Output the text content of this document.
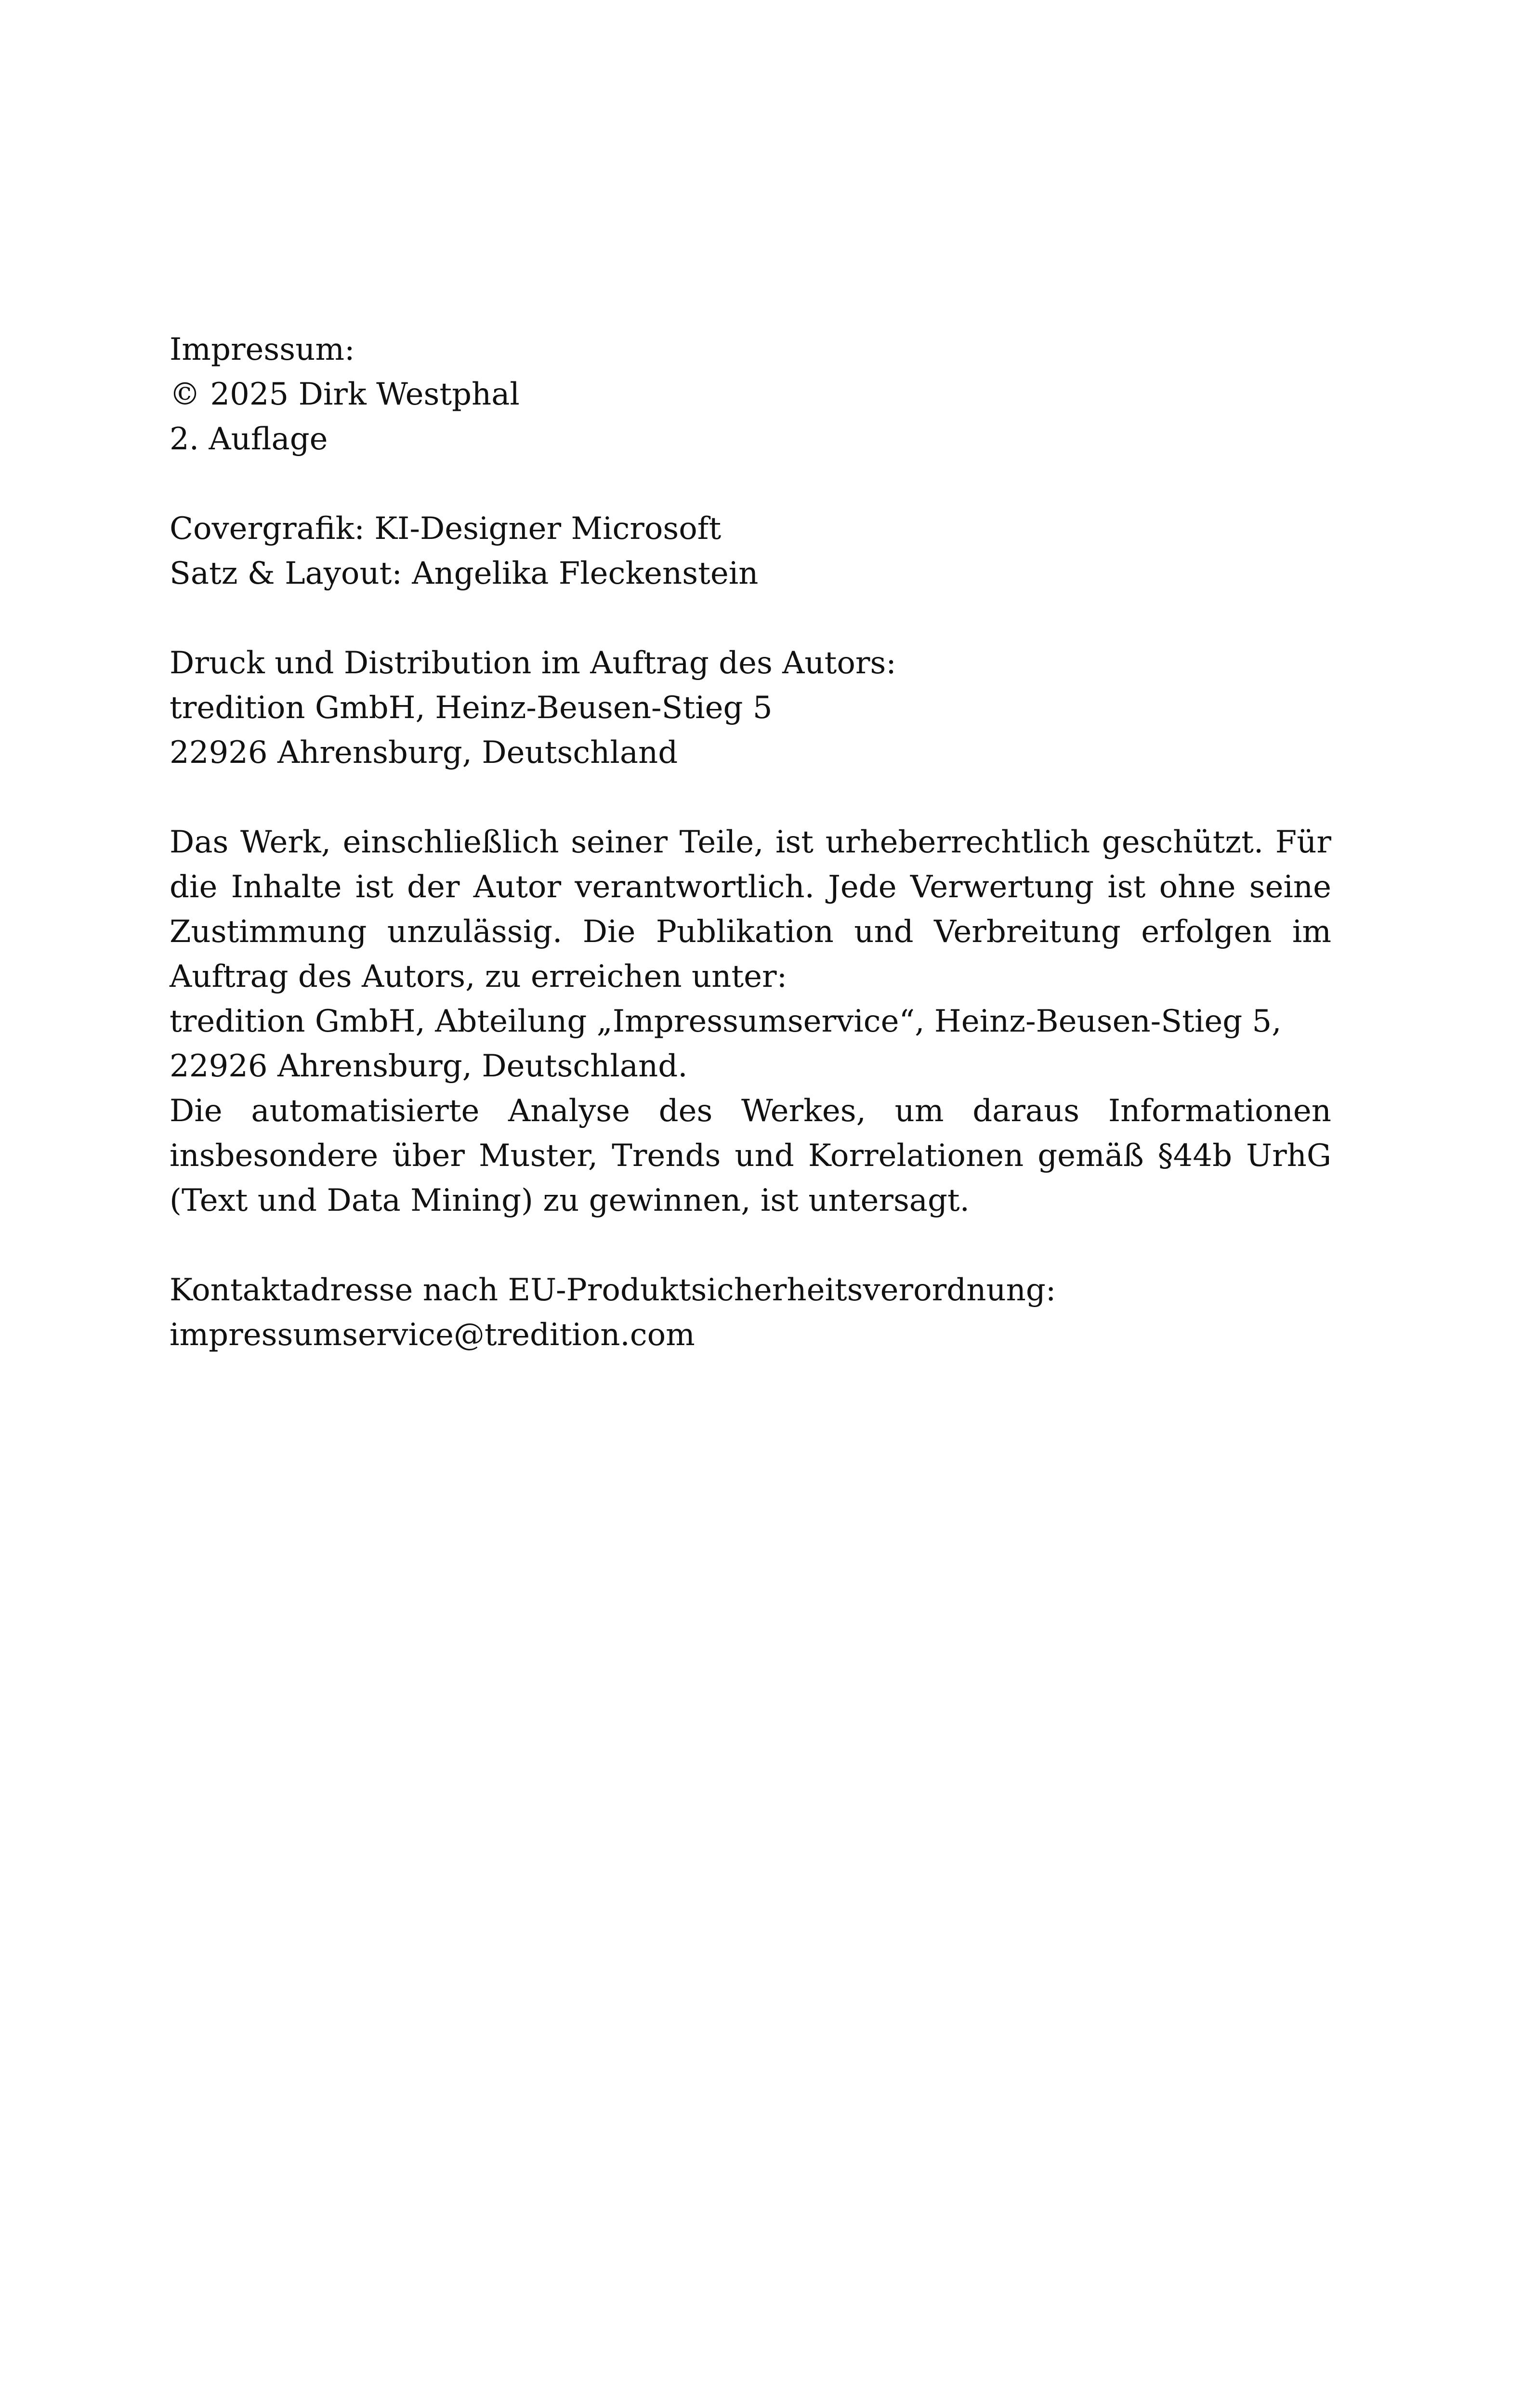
Impressum:
© 2025 Dirk Westphal
2. Auflage
Covergrafik: KI-Designer Microsoft
Satz & Layout: Angelika Fleckenstein
Druck und Distribution im Auftrag des Autors:
tredition GmbH, Heinz-Beusen-Stieg 5
22926 Ahrensburg, Deutschland
Das Werk, einschließlich seiner Teile, ist urheberrechtlich geschützt. Für die Inhalte ist der Autor verantwortlich. Jede Verwertung ist ohne seine Zustimmung unzulässig. Die Publikation und Verbreitung erfolgen im Auftrag des Autors, zu erreichen unter:
tredition GmbH, Abteilung „Impressumservice“, Heinz-Beusen-Stieg 5,
22926 Ahrensburg, Deutschland.
Die automatisierte Analyse des Werkes, um daraus Informationen insbesondere über Muster, Trends und Korrelationen gemäß §44b UrhG (Text und Data Mining) zu gewinnen, ist untersagt.
Kontaktadresse nach EU-Produktsicherheitsverordnung:
impressumservice@tredition.com
